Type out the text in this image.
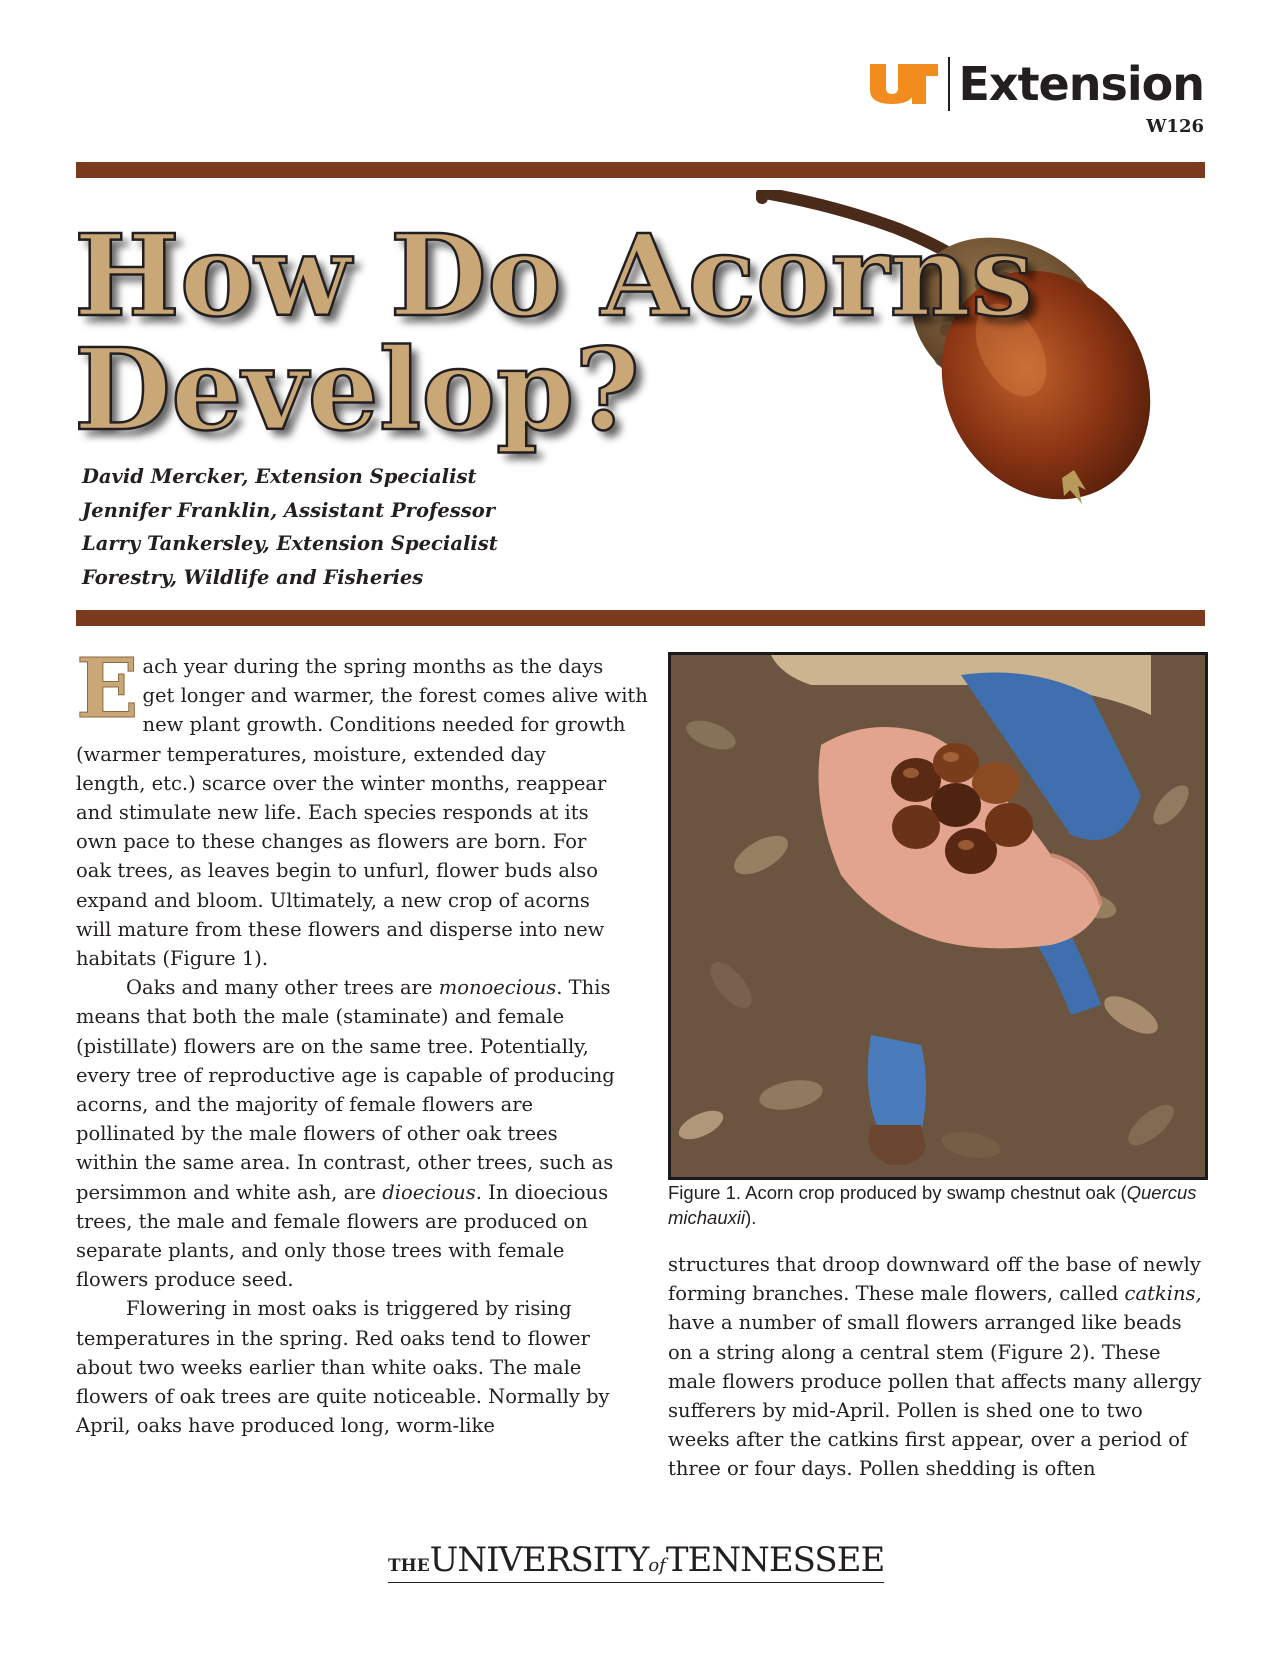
Extension
W126
How Do Acorns
Develop?
David Mercker, Extension Specialist
Jennifer Franklin, Assistant Professor
Larry Tankersley, Extension Specialist
Forestry, Wildlife and Fisheries

E ach year during the spring months as the days
get longer and warmer, the forest comes alive with
new plant growth. Conditions needed for growth
(warmer temperatures, moisture, extended day
length, etc.) scarce over the winter months, reappear
and stimulate new life. Each species responds at its
own pace to these changes as flowers are born. For
oak trees, as leaves begin to unfurl, flower buds also
expand and bloom. Ultimately, a new crop of acorns
will mature from these flowers and disperse into new
habitats (Figure 1).

Oaks and many other trees are monoecious. This means that both the male (staminate) and female (pistillate) flowers are on the same tree. Potentially, every tree of reproductive age is capable of producing acorns, and the majority of female flowers are pollinated by the male flowers of other oak trees within the same area. In contrast, other trees, such as persimmon and white ash, are dioecious. In dioecious trees, the male and female flowers are produced on separate plants, and only those trees with female flowers produce seed.

Flowering in most oaks is triggered by rising temperatures in the spring. Red oaks tend to flower about two weeks earlier than white oaks. The male flowers of oak trees are quite noticeable. Normally by April, oaks have produced long, worm-like

Figure 1. Acorn crop produced by swamp chestnut oak (Quercus michauxii).

structures that droop downward off the base of newly forming branches. These male flowers, called catkins, have a number of small flowers arranged like beads on a string along a central stem (Figure 2). These male flowers produce pollen that affects many allergy sufferers by mid-April. Pollen is shed one to two weeks after the catkins first appear, over a period of three or four days. Pollen shedding is often

THEUNIVERSITYofTENNESSEE
